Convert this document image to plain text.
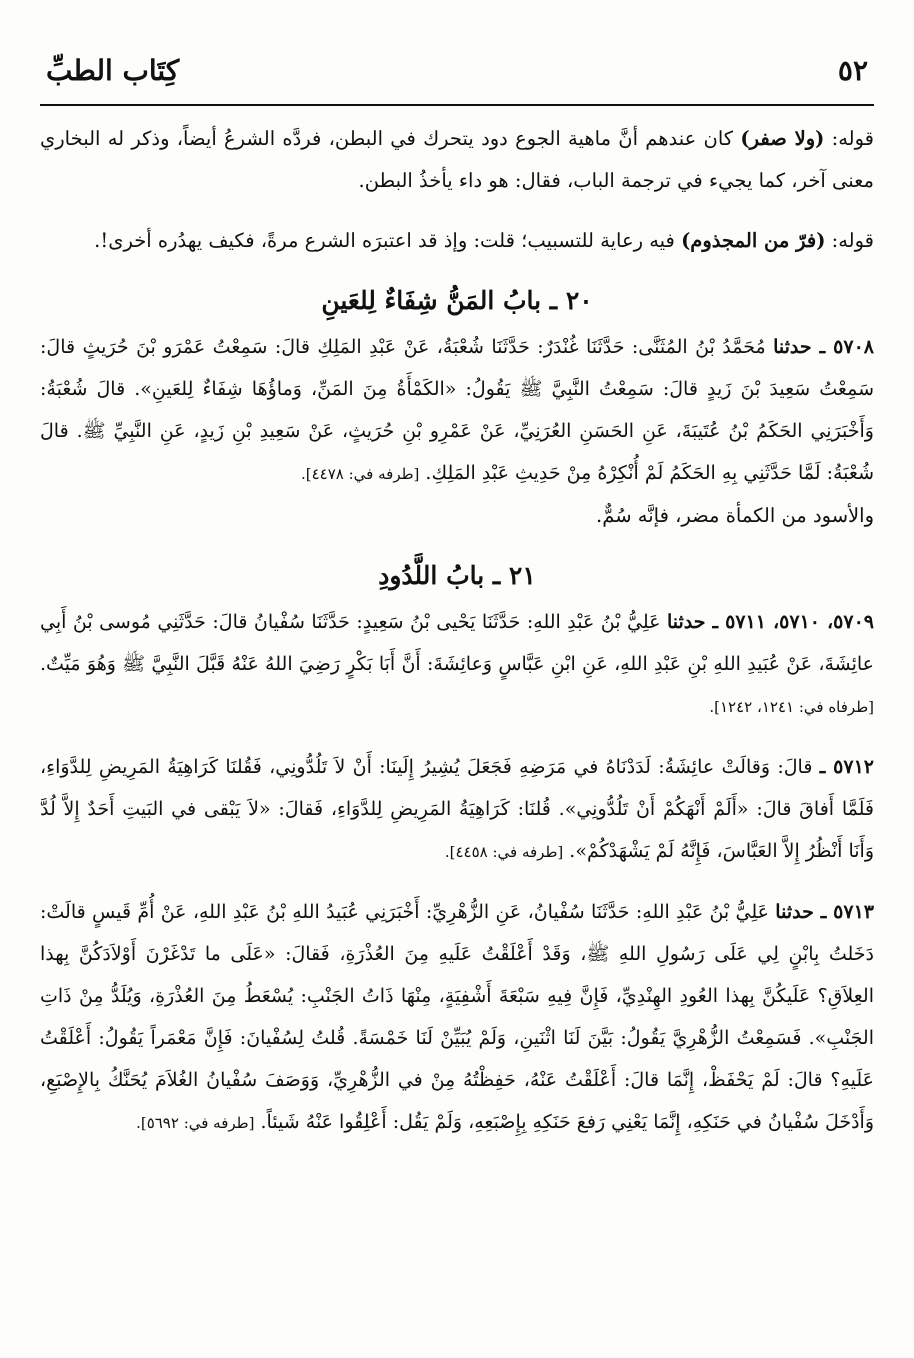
٥٢
كِتَاب الطبِّ

قوله: (ولا صفر) كان عندهم أنَّ ماهية الجوع دود يتحرك في البطن، فردَّه الشرعُ أيضاً، وذكر له البخاري معنى آخر، كما يجيء في ترجمة الباب، فقال: هو داء يأخذُ البطن.

قوله: (فرّ من المجذوم) فيه رعاية للتسبيب؛ قلت: وإذ قد اعتبرَه الشرع مرةً، فكيف يهدُره أخرى!.

٢٠ ـ بابُ المَنُّ شِفَاءٌ لِلعَينِ

٥٧٠٨ ـ حدثنا مُحَمَّدُ بْنُ المُثَنَّى: حَدَّثَنَا غُنْدَرٌ: حَدَّثَنَا شُعْبَةُ، عَنْ عَبْدِ المَلِكِ قالَ: سَمِعْتُ عَمْرَو بْنَ حُرَيثٍ قالَ: سَمِعْتُ سَعِيدَ بْنَ زَيدٍ قالَ: سَمِعْتُ النَّبِيَّ ﷺ يَقُولُ: «الكَمْأَةُ مِنَ المَنِّ، وَماؤُهَا شِفَاءٌ لِلعَينِ». قالَ شُعْبَةُ: وَأَخْبَرَنِي الحَكَمُ بْنُ عُتَيبَةَ، عَنِ الحَسَنِ العُرَنِيِّ، عَنْ عَمْرِو بْنِ حُرَيثٍ، عَنْ سَعِيدِ بْنِ زَيدٍ، عَنِ النَّبِيِّ ﷺ. قالَ شُعْبَةُ: لَمَّا حَدَّثَنِي بِهِ الحَكَمُ لَمْ أُنْكِرْهُ مِنْ حَدِيثِ عَبْدِ المَلِكِ. [طرفه في: ٤٤٧٨].

والأسود من الكمأة مضر، فإنَّه سُمٌّ.

٢١ ـ بابُ اللَّدُودِ

٥٧٠٩، ٥٧١٠، ٥٧١١ ـ حدثنا عَلِيُّ بْنُ عَبْدِ اللهِ: حَدَّثَنَا يَحْيى بْنُ سَعِيدٍ: حَدَّثَنَا سُفْيانُ قالَ: حَدَّثَنِي مُوسى بْنُ أَبِي عائِشَةَ، عَنْ عُبَيدِ اللهِ بْنِ عَبْدِ اللهِ، عَنِ ابْنِ عَبَّاسٍ وَعائِشَةَ: أَنَّ أَبَا بَكْرٍ رَضِيَ اللهُ عَنْهُ قَبَّلَ النَّبِيَّ ﷺ وَهُوَ مَيِّتٌ. [طرفاه في: ١٢٤١، ١٢٤٢].

٥٧١٢ ـ قالَ: وَقالَتْ عائِشَةُ: لَدَدْنَاهُ في مَرَضِهِ فَجَعَلَ يُشِيرُ إِلَينَا: أَنْ لاَ تَلُدُّونِي، فَقُلنَا كَرَاهِيَةُ المَرِيضِ لِلدَّوَاءِ، فَلَمَّا أَفاقَ قالَ: «أَلَمْ أَنْهَكُمْ أَنْ تَلُدُّونِي». قُلنَا: كَرَاهِيَةُ المَرِيضِ لِلدَّوَاءِ، فَقالَ: «لاَ يَبْقى في البَيتِ أَحَدٌ إِلاَّ لُدَّ وَأَنَا أَنْظُرُ إِلاَّ العَبَّاسَ، فَإِنَّهُ لَمْ يَشْهَدْكُمْ». [طرفه في: ٤٤٥٨].

٥٧١٣ ـ حدثنا عَلِيُّ بْنُ عَبْدِ اللهِ: حَدَّثَنَا سُفْيانُ، عَنِ الزُّهْرِيِّ: أَخْبَرَنِي عُبَيدُ اللهِ بْنُ عَبْدِ اللهِ، عَنْ أُمِّ قَيسٍ قالَتْ: دَخَلتُ بِابْنٍ لِي عَلَى رَسُولِ اللهِ ﷺ، وَقَدْ أَعْلَقْتُ عَلَيهِ مِنَ العُذْرَةِ، فَقالَ: «عَلَى ما تَدْغَرْنَ أَوْلاَدَكُنَّ بِهذا العِلاَقِ؟ عَلَيكُنَّ بِهذا العُودِ الهِنْدِيِّ، فَإِنَّ فِيهِ سَبْعَةَ أَشْفِيَةٍ، مِنْهَا ذَاتُ الجَنْبِ: يُسْعَطُ مِنَ العُذْرَةِ، وَيُلَدُّ مِنْ ذَاتِ الجَنْبِ». فَسَمِعْتُ الزُّهْرِيَّ يَقُولُ: بَيَّنَ لَنَا اثْنَينِ، وَلَمْ يُبَيِّنْ لَنَا خَمْسَةً. قُلتُ لِسُفْيانَ: فَإِنَّ مَعْمَراً يَقُولُ: أَعْلَقْتُ عَلَيهِ؟ قالَ: لَمْ يَحْفَظْ، إِنَّمَا قالَ: أَعْلَقْتُ عَنْهُ، حَفِظْتُهُ مِنْ في الزُّهْرِيِّ، وَوَصَفَ سُفْيانُ الغُلاَمَ يُحَنَّكُ بِالإِصْبَعِ، وَأَدْخَلَ سُفْيانُ في حَنَكِهِ، إِنَّمَا يَعْنِي رَفعَ حَنَكِهِ بِإِصْبَعِهِ، وَلَمْ يَقُل: أَعْلِقُوا عَنْهُ شَيئاً. [طرفه في: ٥٦٩٢].
